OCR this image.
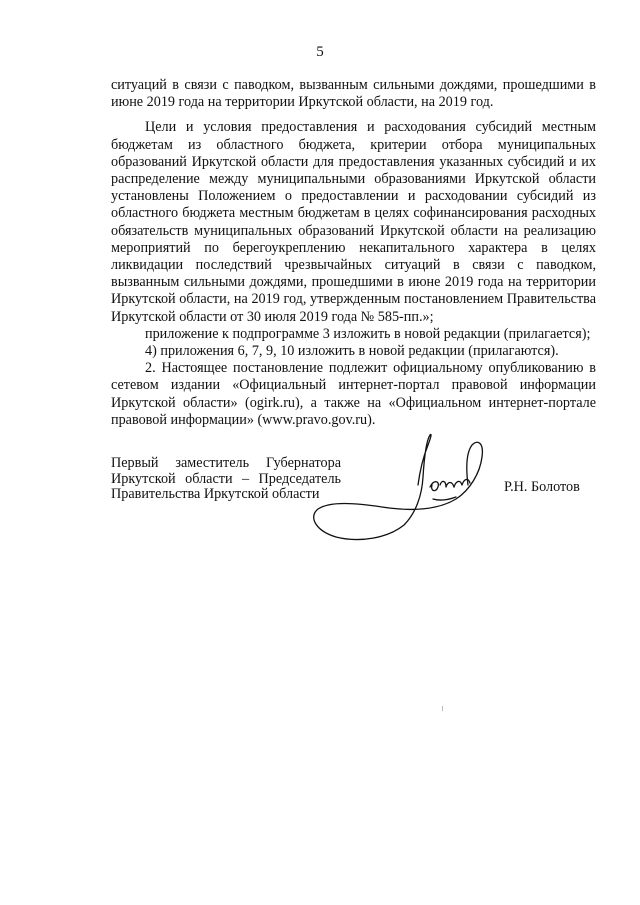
5

ситуаций в связи с паводком, вызванным сильными дождями, прошедшими в июне 2019 года на территории Иркутской области, на 2019 год.

Цели и условия предоставления и расходования субсидий местным бюджетам из областного бюджета, критерии отбора муниципальных образований Иркутской области для предоставления указанных субсидий и их распределение между муниципальными образованиями Иркутской области установлены Положением о предоставлении и расходовании субсидий из областного бюджета местным бюджетам в целях софинансирования расходных обязательств муниципальных образований Иркутской области на реализацию мероприятий по берегоукреплению некапитального характера в целях ликвидации последствий чрезвычайных ситуаций в связи с паводком, вызванным сильными дождями, прошедшими в июне 2019 года на территории Иркутской области, на 2019 год, утвержденным постановлением Правительства Иркутской области от 30 июля 2019 года № 585-пп.»;

приложение к подпрограмме 3 изложить в новой редакции (прилагается);

4) приложения 6, 7, 9, 10 изложить в новой редакции (прилагаются).

2. Настоящее постановление подлежит официальному опубликованию в сетевом издании «Официальный интернет-портал правовой информации Иркутской области» (ogirk.ru), а также на «Официальном интернет-портале правовой информации» (www.pravo.gov.ru).

Первый заместитель Губернатора
Иркутской области – Председатель
Правительства Иркутской области	Р.Н. Болотов
